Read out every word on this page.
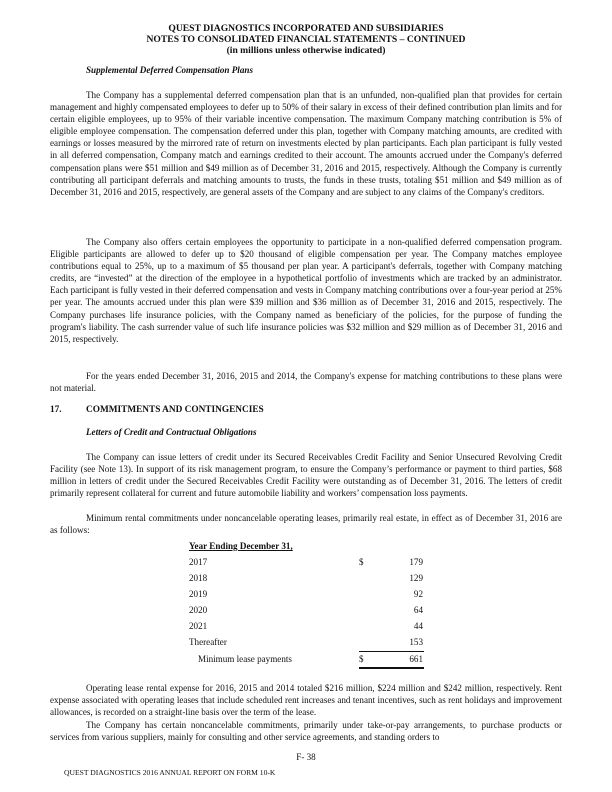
QUEST DIAGNOSTICS INCORPORATED AND SUBSIDIARIES
NOTES TO CONSOLIDATED FINANCIAL STATEMENTS – CONTINUED
(in millions unless otherwise indicated)
Supplemental Deferred Compensation Plans

The Company has a supplemental deferred compensation plan that is an unfunded, non-qualified plan that provides for certain management and highly compensated employees to defer up to 50% of their salary in excess of their defined contribution plan limits and for certain eligible employees, up to 95% of their variable incentive compensation. The maximum Company matching contribution is 5% of eligible employee compensation. The compensation deferred under this plan, together with Company matching amounts, are credited with earnings or losses measured by the mirrored rate of return on investments elected by plan participants. Each plan participant is fully vested in all deferred compensation, Company match and earnings credited to their account. The amounts accrued under the Company's deferred compensation plans were $51 million and $49 million as of December 31, 2016 and 2015, respectively. Although the Company is currently contributing all participant deferrals and matching amounts to trusts, the funds in these trusts, totaling $51 million and $49 million as of December 31, 2016 and 2015, respectively, are general assets of the Company and are subject to any claims of the Company's creditors.

The Company also offers certain employees the opportunity to participate in a non-qualified deferred compensation program. Eligible participants are allowed to defer up to $20 thousand of eligible compensation per year. The Company matches employee contributions equal to 25%, up to a maximum of $5 thousand per plan year. A participant's deferrals, together with Company matching credits, are “invested” at the direction of the employee in a hypothetical portfolio of investments which are tracked by an administrator. Each participant is fully vested in their deferred compensation and vests in Company matching contributions over a four-year period at 25% per year. The amounts accrued under this plan were $39 million and $36 million as of December 31, 2016 and 2015, respectively. The Company purchases life insurance policies, with the Company named as beneficiary of the policies, for the purpose of funding the program's liability. The cash surrender value of such life insurance policies was $32 million and $29 million as of December 31, 2016 and 2015, respectively.

For the years ended December 31, 2016, 2015 and 2014, the Company's expense for matching contributions to these plans were not material.

17.	COMMITMENTS AND CONTINGENCIES
Letters of Credit and Contractual Obligations

The Company can issue letters of credit under its Secured Receivables Credit Facility and Senior Unsecured Revolving Credit Facility (see Note 13). In support of its risk management program, to ensure the Company’s performance or payment to third parties, $68 million in letters of credit under the Secured Receivables Credit Facility were outstanding as of December 31, 2016. The letters of credit primarily represent collateral for current and future automobile liability and workers’ compensation loss payments.

Minimum rental commitments under noncancelable operating leases, primarily real estate, in effect as of December 31, 2016 are as follows:

Year Ending December 31,
2017	$	179
2018	129
2019	92
2020	64
2021	44
Thereafter	153
Minimum lease payments	$	661

Operating lease rental expense for 2016, 2015 and 2014 totaled $216 million, $224 million and $242 million, respectively. Rent expense associated with operating leases that include scheduled rent increases and tenant incentives, such as rent holidays and improvement allowances, is recorded on a straight-line basis over the term of the lease.

The Company has certain noncancelable commitments, primarily under take-or-pay arrangements, to purchase products or services from various suppliers, mainly for consulting and other service agreements, and standing orders to

F- 38
QUEST DIAGNOSTICS 2016 ANNUAL REPORT ON FORM 10-K
